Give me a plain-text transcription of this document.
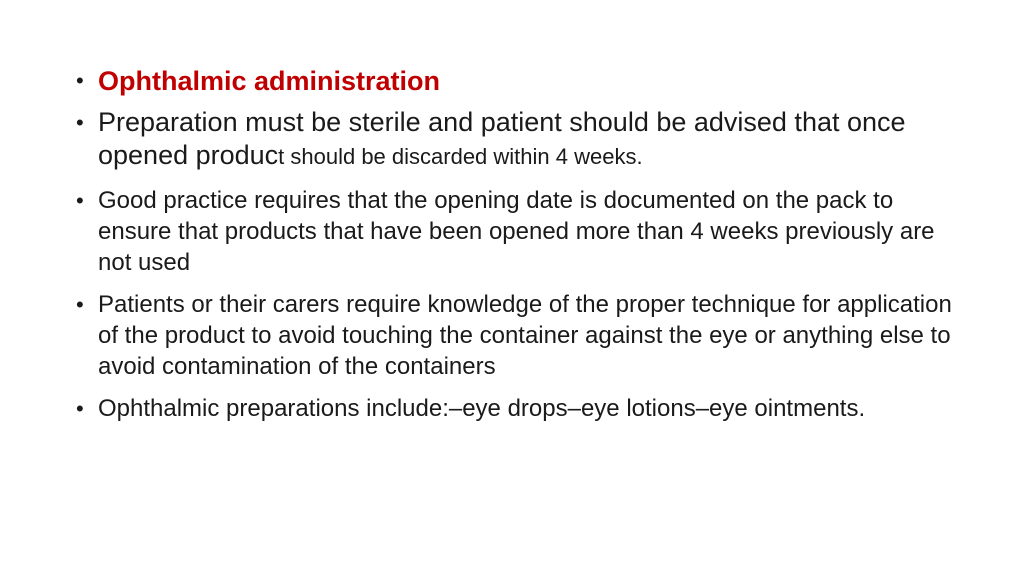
• Ophthalmic administration
• Preparation must be sterile and patient should be advised that once opened product should be discarded within 4 weeks.
• Good practice requires that the opening date is documented on the pack to ensure that products that have been opened more than 4 weeks previously are not used
• Patients or their carers require knowledge of the proper technique for application of the product to avoid touching the container against the eye or anything else to avoid contamination of the containers
• Ophthalmic preparations include:–eye drops–eye lotions–eye ointments.
